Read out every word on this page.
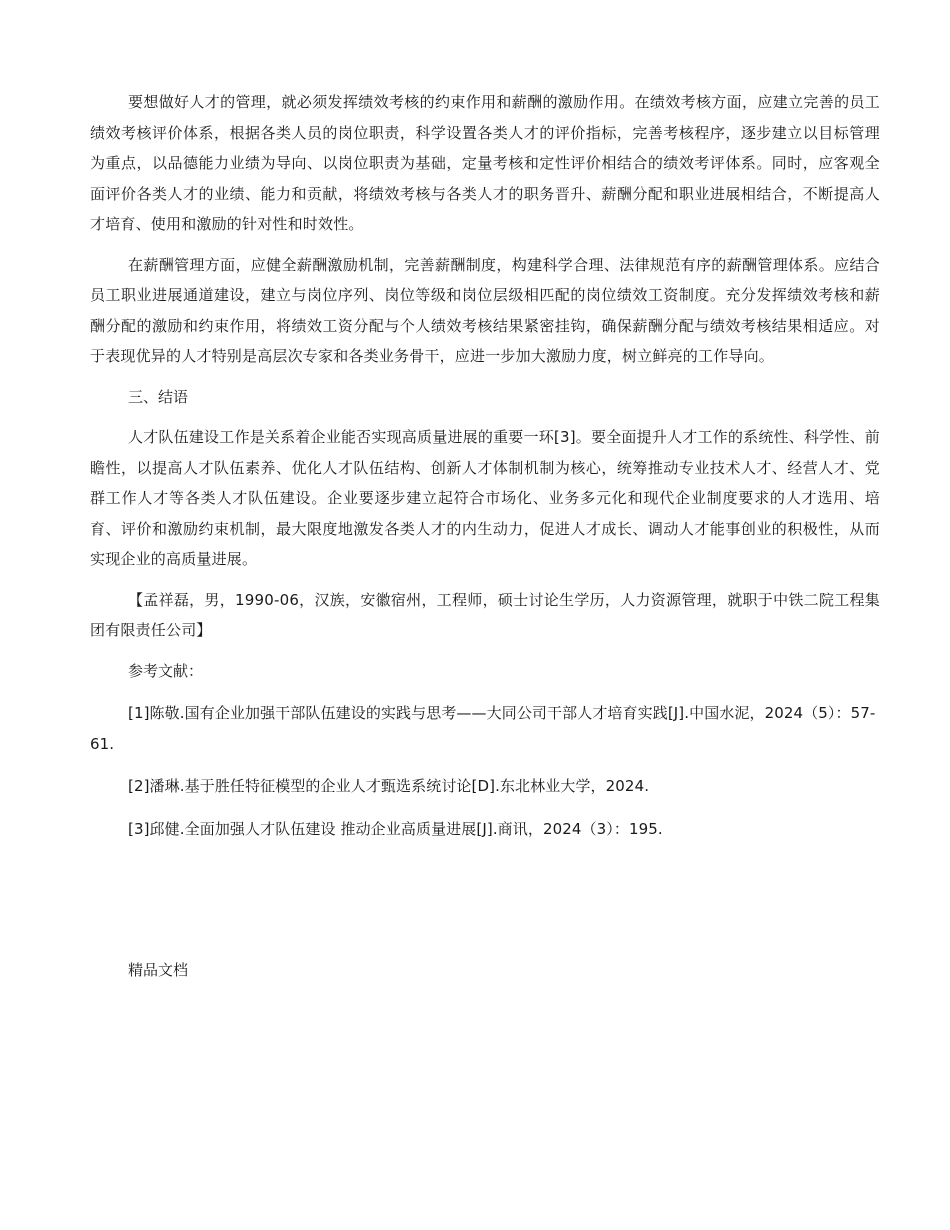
要想做好人才的管理，就必须发挥绩效考核的约束作用和薪酬的激励作用。在绩效考核方面，应建立完善的员工绩效考核评价体系，根据各类人员的岗位职责，科学设置各类人才的评价指标，完善考核程序，逐步建立以目标管理为重点，以品德能力业绩为导向、以岗位职责为基础，定量考核和定性评价相结合的绩效考评体系。同时，应客观全面评价各类人才的业绩、能力和贡献，将绩效考核与各类人才的职务晋升、薪酬分配和职业进展相结合，不断提高人才培育、使用和激励的针对性和时效性。

在薪酬管理方面，应健全薪酬激励机制，完善薪酬制度，构建科学合理、法律规范有序的薪酬管理体系。应结合员工职业进展通道建设，建立与岗位序列、岗位等级和岗位层级相匹配的岗位绩效工资制度。充分发挥绩效考核和薪酬分配的激励和约束作用，将绩效工资分配与个人绩效考核结果紧密挂钩，确保薪酬分配与绩效考核结果相适应。对于表现优异的人才特别是高层次专家和各类业务骨干，应进一步加大激励力度，树立鲜亮的工作导向。

三、结语

人才队伍建设工作是关系着企业能否实现高质量进展的重要一环[3]。要全面提升人才工作的系统性、科学性、前瞻性，以提高人才队伍素养、优化人才队伍结构、创新人才体制机制为核心，统筹推动专业技术人才、经营人才、党群工作人才等各类人才队伍建设。企业要逐步建立起符合市场化、业务多元化和现代企业制度要求的人才选用、培育、评价和激励约束机制，最大限度地激发各类人才的内生动力，促进人才成长、调动人才能事创业的积极性，从而实现企业的高质量进展。

【孟祥磊，男，1990-06，汉族，安徽宿州，工程师，硕士讨论生学历，人力资源管理，就职于中铁二院工程集团有限责任公司】

参考文献：

[1]陈敬.国有企业加强干部队伍建设的实践与思考——大同公司干部人才培育实践[J].中国水泥，2024（5）：57-61.

[2]潘琳.基于胜任特征模型的企业人才甄选系统讨论[D].东北林业大学，2024.

[3]邱健.全面加强人才队伍建设 推动企业高质量进展[J].商讯，2024（3）：195.

精品文档
